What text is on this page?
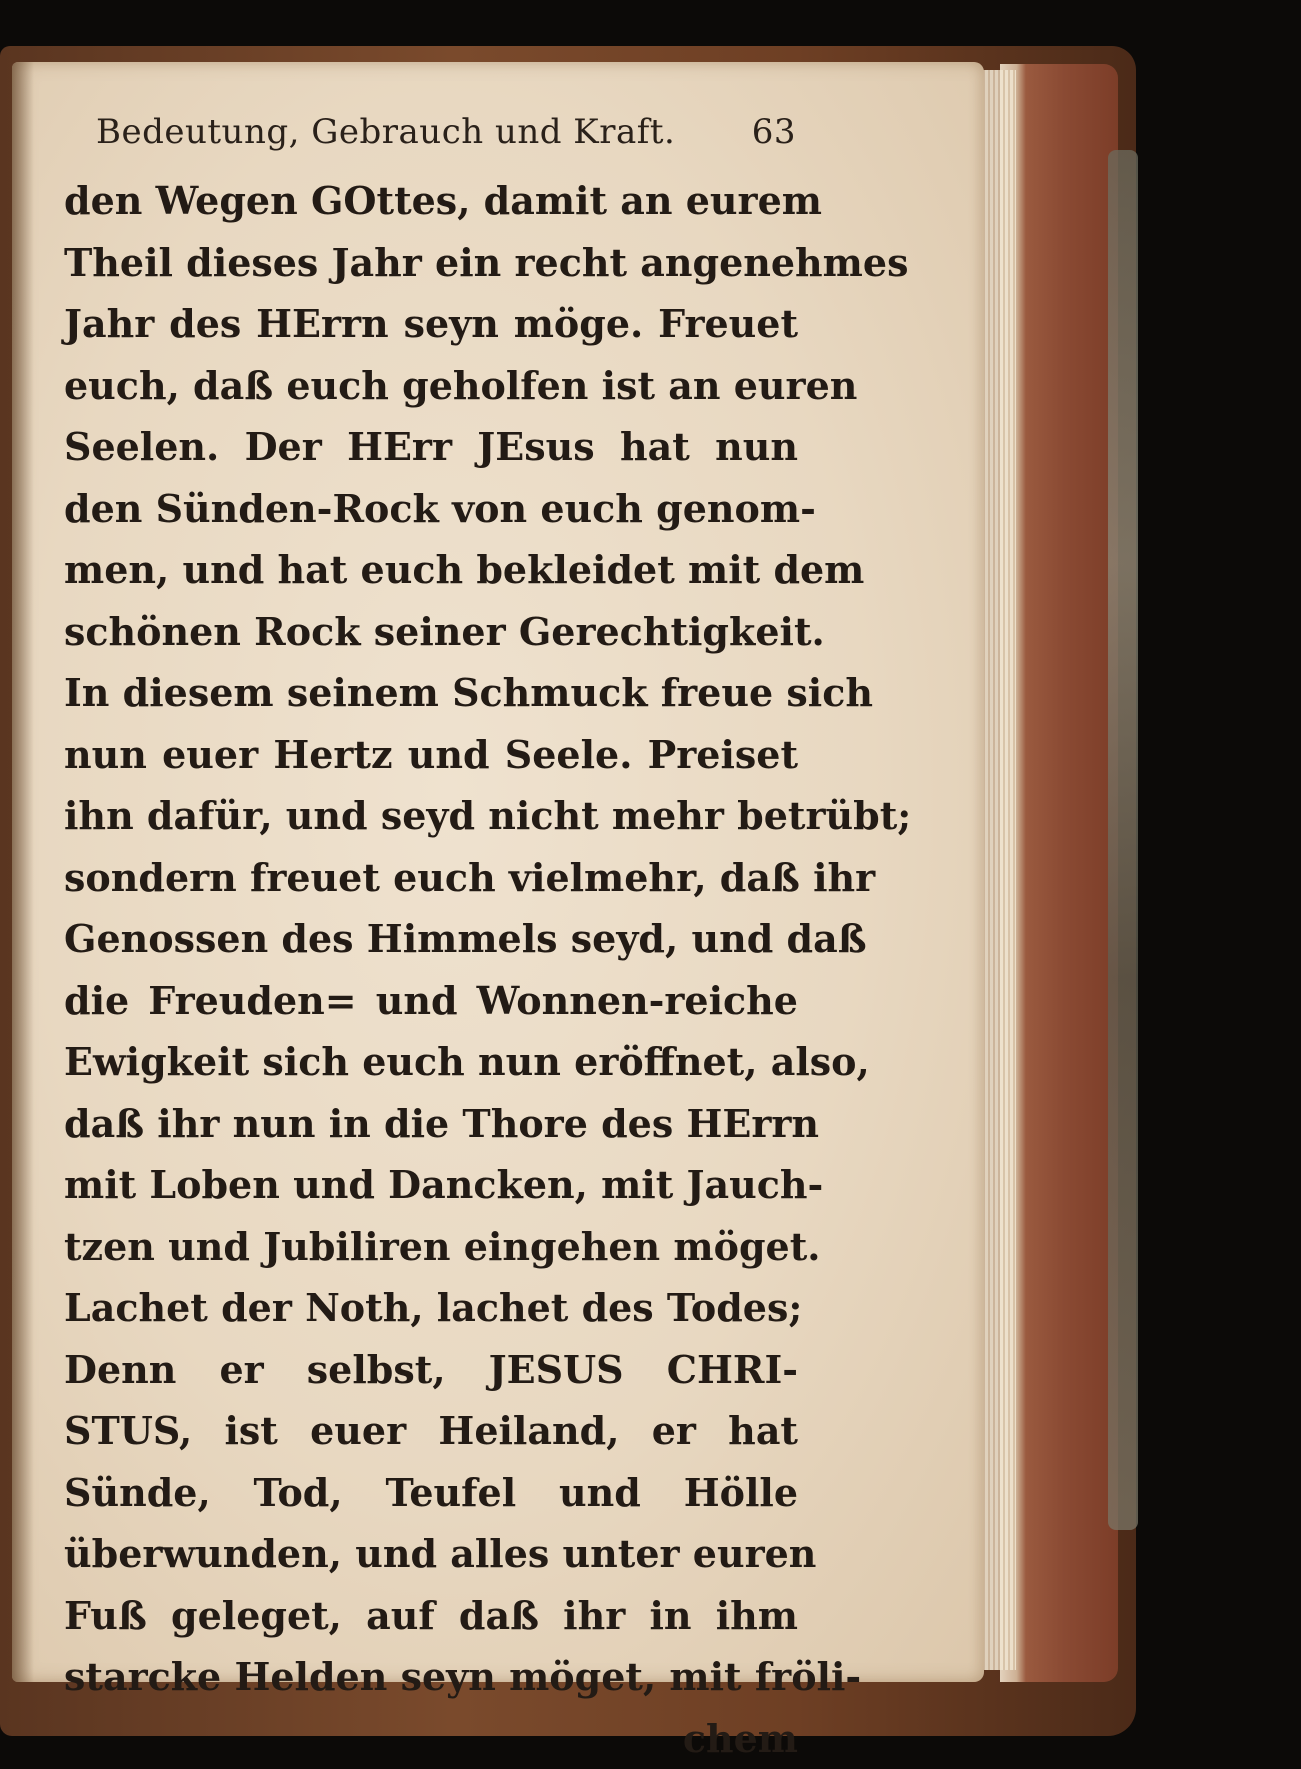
Bedeutung, Gebrauch und Kraft. 63
den Wegen GOttes, damit an eurem
Theil dieses Jahr ein recht angenehmes
Jahr des HErrn seyn möge. Freuet
euch, daß euch geholfen ist an euren
Seelen. Der HErr JEsus hat nun
den Sünden-Rock von euch genom-
men, und hat euch bekleidet mit dem
schönen Rock seiner Gerechtigkeit.
In diesem seinem Schmuck freue sich
nun euer Hertz und Seele. Preiset
ihn dafür, und seyd nicht mehr betrübt;
sondern freuet euch vielmehr, daß ihr
Genossen des Himmels seyd, und daß
die Freuden= und Wonnen-reiche
Ewigkeit sich euch nun eröffnet, also,
daß ihr nun in die Thore des HErrn
mit Loben und Dancken, mit Jauch-
tzen und Jubiliren eingehen möget.
Lachet der Noth, lachet des Todes;
Denn er selbst, JESUS CHRI-
STUS, ist euer Heiland, er hat
Sünde, Tod, Teufel und Hölle
überwunden, und alles unter euren
Fuß geleget, auf daß ihr in ihm
starcke Helden seyn möget, mit fröli-
chem
